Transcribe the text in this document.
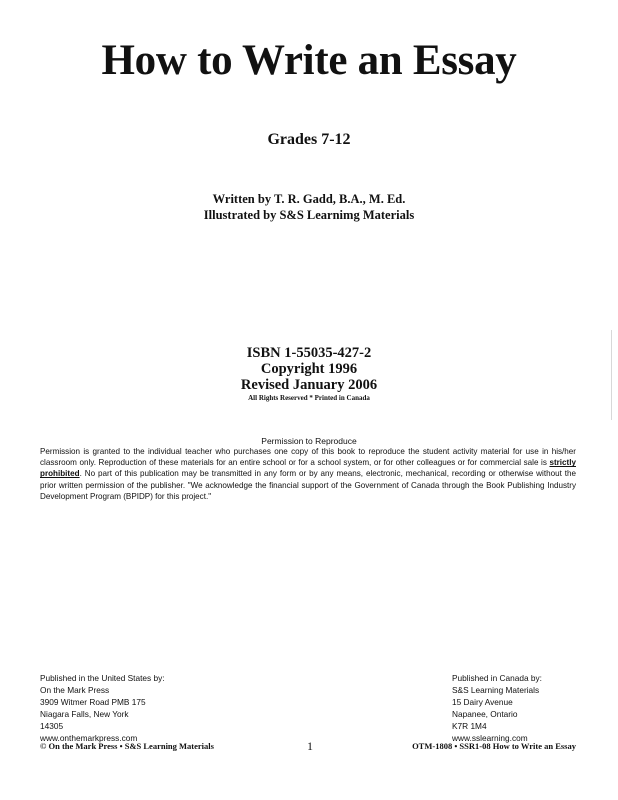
How to Write an Essay
Grades 7-12
Written by T. R. Gadd, B.A., M. Ed.
Illustrated by S&S Learnimg Materials
ISBN 1-55035-427-2
Copyright 1996
Revised January 2006
All Rights Reserved * Printed in Canada
Permission to Reproduce
Permission is granted to the individual teacher who purchases one copy of this book to reproduce the student activity material for use in his/her classroom only. Reproduction of these materials for an entire school or for a school system, or for other colleagues or for commercial sale is strictly prohibited. No part of this publication may be transmitted in any form or by any means, electronic, mechanical, recording or otherwise without the prior written permission of the publisher. "We acknowledge the financial support of the Government of Canada through the Book Publishing Industry Development Program (BPIDP) for this project."
Published in the United States by:
On the Mark Press
3909 Witmer Road PMB 175
Niagara Falls, New York
14305
www.onthemarkpress.com
Published in Canada by:
S&S Learning Materials
15 Dairy Avenue
Napanee, Ontario
K7R 1M4
www.sslearning.com
© On the Mark Press • S&S Learning Materials	1	OTM-1808 • SSR1-08 How to Write an Essay
